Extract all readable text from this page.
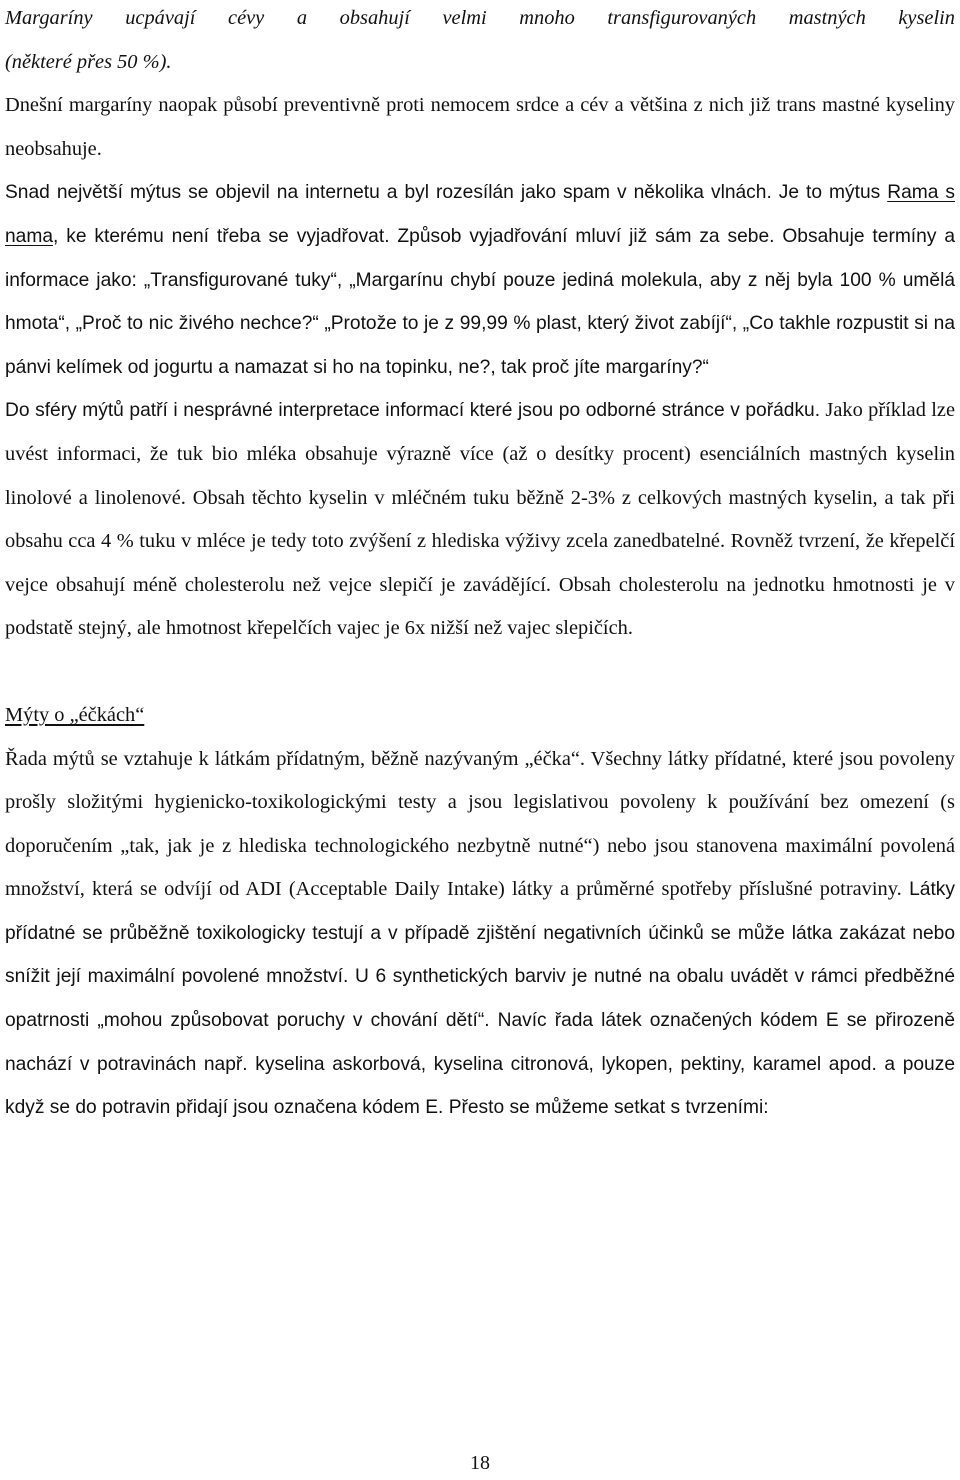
Margaríny ucpávají cévy a obsahují velmi mnoho transfigurovaných mastných kyselin

(některé přes 50 %).

Dnešní margaríny naopak působí preventivně proti nemocem srdce a cév a většina z nich již trans mastné kyseliny neobsahuje.

Snad největší mýtus se objevil na internetu a byl rozesílán jako spam v několika vlnách. Je to mýtus Rama s nama, ke kterému není třeba se vyjadřovat. Způsob vyjadřování mluví již sám za sebe. Obsahuje termíny a informace jako: „Transfigurované tuky“, „Margarínu chybí pouze jediná molekula, aby z něj byla 100 % umělá hmota“, „Proč to nic živého nechce?“ „Protože to je z 99,99 % plast, který život zabíjí“, „Co takhle rozpustit si na pánvi kelímek od jogurtu a namazat si ho na topinku, ne?, tak proč jíte margaríny?“

Do sféry mýtů patří i nesprávné interpretace informací které jsou po odborné stránce v pořádku. Jako příklad lze uvést informaci, že tuk bio mléka obsahuje výrazně více (až o desítky procent) esenciálních mastných kyselin linolové a linolenové. Obsah těchto kyselin v mléčném tuku běžně 2-3% z celkových mastných kyselin, a tak při obsahu cca 4 % tuku v mléce je tedy toto zvýšení z hlediska výživy zcela zanedbatelné. Rovněž tvrzení, že křepelčí vejce obsahují méně cholesterolu než vejce slepičí je zavádějící. Obsah cholesterolu na jednotku hmotnosti je v podstatě stejný, ale hmotnost křepelčích vajec je 6x nižší než vajec slepičích.

Mýty o „éčkách“

Řada mýtů se vztahuje k látkám přídatným, běžně nazývaným „éčka“. Všechny látky přídatné, které jsou povoleny prošly složitými hygienicko-toxikologickými testy a jsou legislativou povoleny k používání bez omezení (s doporučením „tak, jak je z hlediska technologického nezbytně nutné“) nebo jsou stanovena maximální povolená množství, která se odvíjí od ADI (Acceptable Daily Intake) látky a průměrné spotřeby příslušné potraviny. Látky přídatné se průběžně toxikologicky testují a v případě zjištění negativních účinků se může látka zakázat nebo snížit její maximální povolené množství. U 6 synthetických barviv je nutné na obalu uvádět v rámci předběžné opatrnosti „mohou způsobovat poruchy v chování dětí“. Navíc řada látek označených kódem E se přirozeně nachází v potravinách např. kyselina askorbová, kyselina citronová, lykopen, pektiny, karamel apod. a pouze když se do potravin přidají jsou označena kódem E. Přesto se můžeme setkat s tvrzeními:

18
